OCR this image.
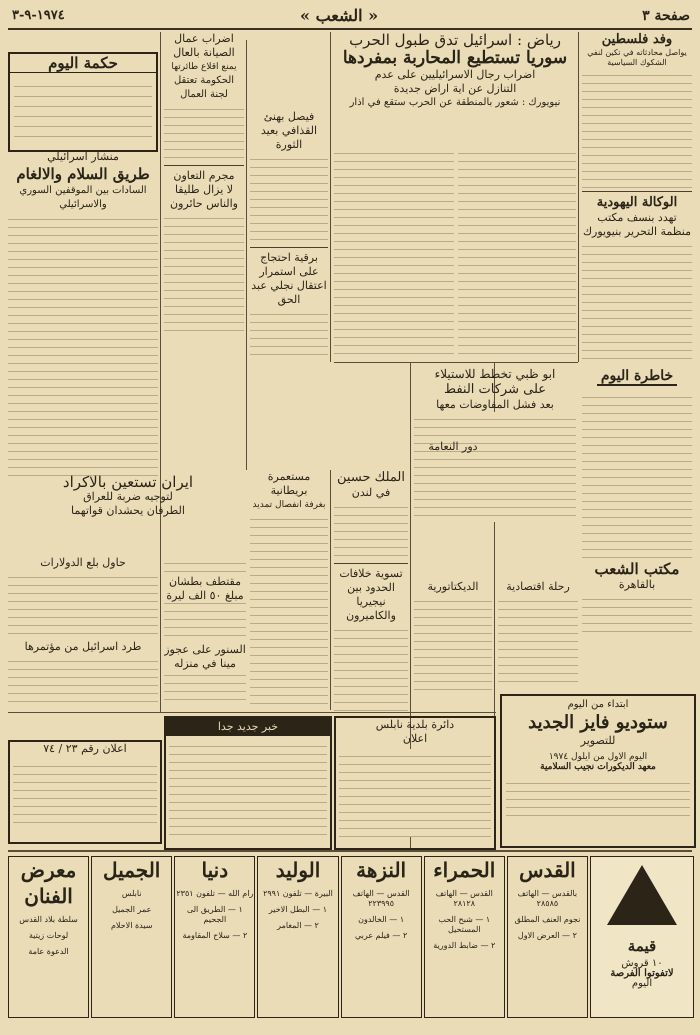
صفحة ٣
« الشعب »
١٩٧٤-٩-٣
وفد فلسطين
يواصل محادثاته في تكين لنفي الشكوك السياسية
الوكالة اليهودية
تهدد بنسف مكتب منظمة التحرير بنيويورك
خاطرة اليوم
مكتب الشعب
بالقاهرة
رياض : اسرائيل تدق طبول الحرب
سوريا تستطيع المحاربة بمفردها
اضراب رجال الاسرائيليين على عدم
التنازل عن اية اراض جديدة
نيويورك : شعور بالمنطقة عن الحرب ستقع في اذار
فيصل بهنئ
القذافي بعيد الثورة
برقية احتجاج
على استمرار اعتقال نجلي عبد الحق
اضراب عمال الصيانة بالعال
يمنع اقلاع طائرتها
الحكومة تعتقل لجنة العمال
مجرم التعاون
لا يزال طليقا والناس حائرون
حكمة اليوم
منشار اسرائيلي
طريق السلام والالغام
السادات بين الموقفين السوري والاسرائيلي
ابو ظبي تخطط للاستيلاء
على شركات النفط
بعد فشل المفاوضات معها
دور النعامة
الملك حسين
في لندن
تسوية خلافات
الحدود بين نيجيريا والكاميرون
مستعمرة بريطانية
بغرفة انفصال تمديد
ايران تستعين بالاكراد
لتوجيه ضربة للعراق
الطرفان يحشدان قواتهما
مقتطف بطشان
مبلغ ٥٠ الف ليرة
السنور على عجوز مينا في منزله
حاول بلع الدولارات
طرد اسرائيل من مؤتمرها
الديكتاتورية	رحلة اقتصادية
اعلان رقم ٢٣ / ٧٤
خبر جديد جدا	دائرة بلدية نابلس
اعلان
ابتداء من اليوم
ستوديو فايز الجديد
للتصوير
اليوم الاول من ايلول ١٩٧٤
معهد الديكورات نجيب السلامية
القدس
بالقدس — الهاتف ٢٨٥٨٥
نجوم العنف المطلق
٢ — العرض الاول
الحمراء
القدس — الهاتف ٢٨١٢٨
١ — شبح الحب المستحيل
٢ — ضابط الدورية
النزهة
القدس — الهاتف ٢٢٣٩٩٥
١ — الخالدون
٢ — فيلم عربي
الوليد
البيرة — تلفون ٢٩٩١
١ — البطل الاخير
٢ — المغامر
دنيا
رام الله — تلفون ٢٣٥١
١ — الطريق الى الجحيم
٢ — سلاح المقاومة
الجميل
نابلس
عمر الجميل
سيدة الاحلام
معرض الفنان
سلطة بلاد القدس
لوحات زيتية
الدعوة عامة	قيمة
١٠ قروش
لاتفوتوا الفرصة
اليوم
